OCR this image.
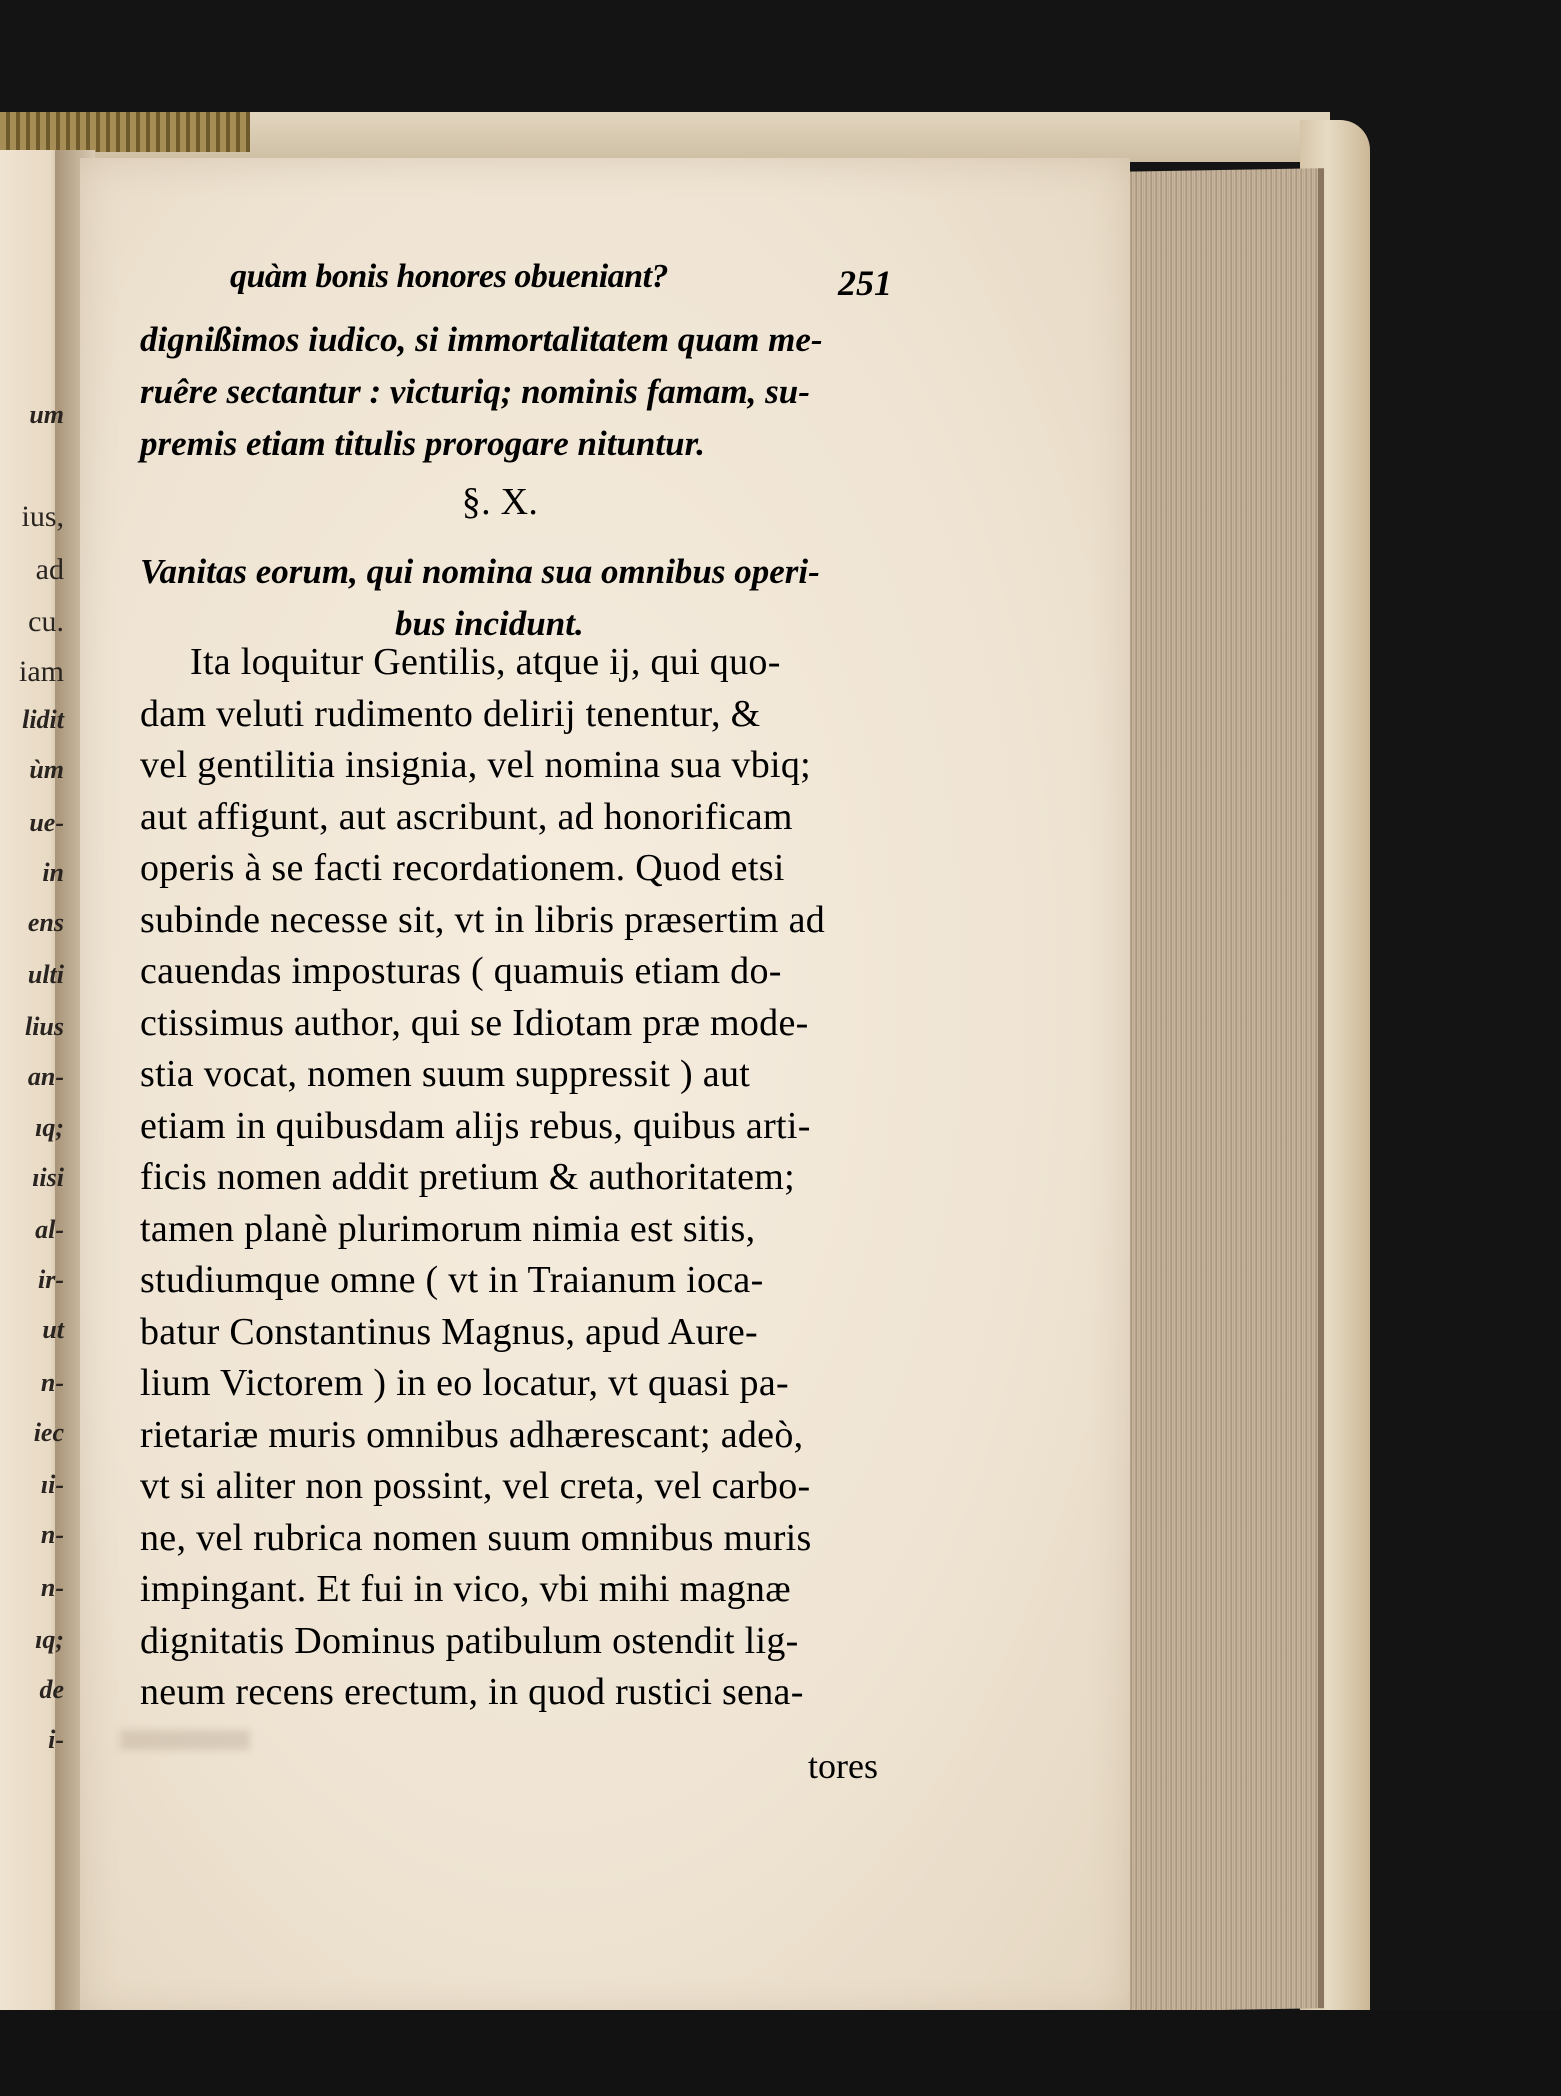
um
ius,
ad
cu.
iam
lidit
ùm
ue-
in
ens
ulti
lius
an-
ıq;
ıisi
al-
ir-
ut
n-
iec
ıi-
n-
n-
ıq;
de
i-
quàm bonis honores obueniant?	251
dignißimos iudico, si immortalitatem quam me-
ruêre sectantur : victuriq; nominis famam, su-
premis etiam titulis prorogare nituntur.
§. X.
Vanitas eorum, qui nomina sua omnibus operi-
bus incidunt.
Ita loquitur Gentilis, atque ij, qui quo-
dam veluti rudimento delirij tenentur, &
vel gentilitia insignia, vel nomina sua vbiq;
aut affigunt, aut ascribunt, ad honorificam
operis à se facti recordationem. Quod etsi
subinde necesse sit, vt in libris præsertim ad
cauendas imposturas ( quamuis etiam do-
ctissimus author, qui se Idiotam præ mode-
stia vocat, nomen suum suppressit ) aut
etiam in quibusdam alijs rebus, quibus arti-
ficis nomen addit pretium & authoritatem;
tamen planè plurimorum nimia est sitis,
studiumque omne ( vt in Traianum ioca-
batur Constantinus Magnus, apud Aure-
lium Victorem ) in eo locatur, vt quasi pa-
rietariæ muris omnibus adhærescant; adeò,
vt si aliter non possint, vel creta, vel carbo-
ne, vel rubrica nomen suum omnibus muris
impingant. Et fui in vico, vbi mihi magnæ
dignitatis Dominus patibulum ostendit lig-
neum recens erectum, in quod rustici sena-
tores
